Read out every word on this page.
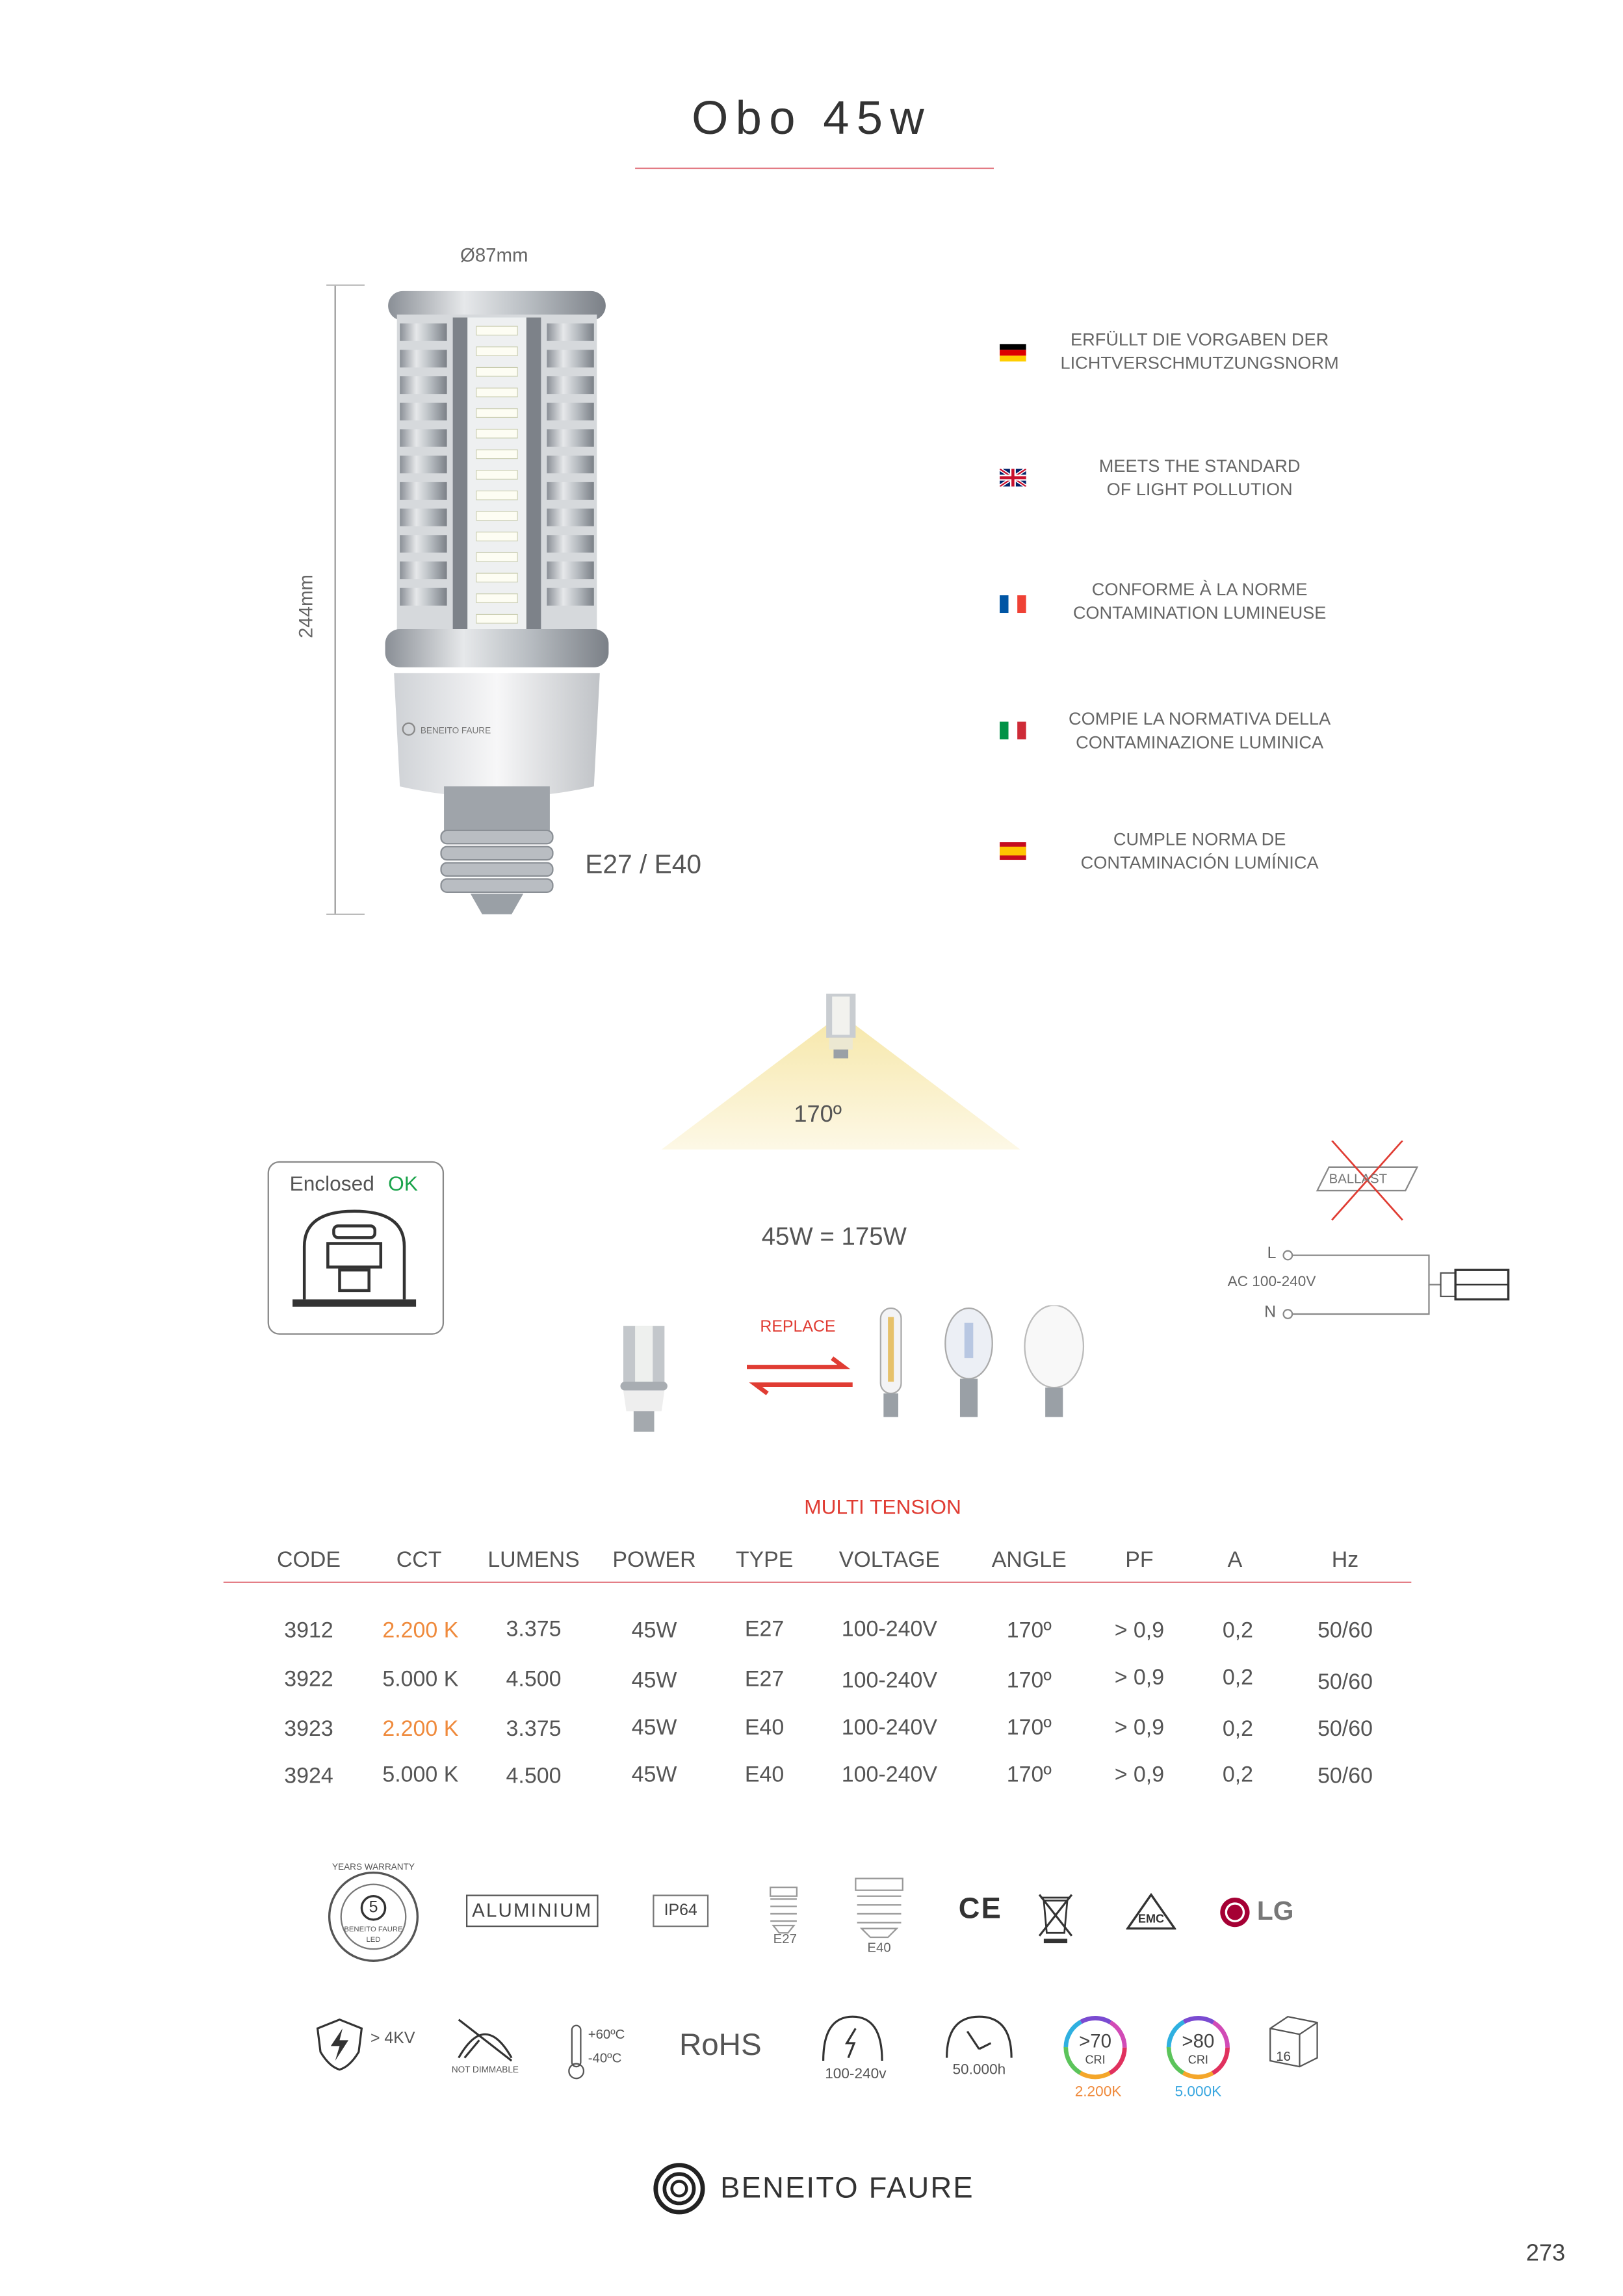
Obo 45w
Ø87mm
244mm
BENEITO FAURE
E27 / E40
ERFÜLLT DIE VORGABEN DER
LICHTVERSCHMUTZUNGSNORM
MEETS THE STANDARD
OF LIGHT POLLUTION
CONFORME À LA NORME
CONTAMINATION LUMINEUSE
COMPIE LA NORMATIVA DELLA
CONTAMINAZIONE LUMINICA
CUMPLE NORMA DE
CONTAMINACIÓN LUMÍNICA
170º
Enclosed OK
45W = 175W
REPLACE
BALLAST
L
AC 100-240V
N
MULTI TENSION
CODE	CCT	LUMENS	POWER	TYPE	VOLTAGE	ANGLE	PF	A	Hz
3912	2.200 K	3.375	45W	E27	100-240V	170º	> 0,9	0,2	50/60
3922	5.000 K	4.500	45W	E27	100-240V	170º	> 0,9	0,2	50/60
3923	2.200 K	3.375	45W	E40	100-240V	170º	> 0,9	0,2	50/60
3924	5.000 K	4.500	45W	E40	100-240V	170º	> 0,9	0,2	50/60
YEARS WARRANTY
5
BENEITO FAURE
LED
ALUMINIUM	IP64
E27
E40
CE	EMC	LG
> 4KV
NOT DIMMABLE
+60ºC
-40ºC	RoHS
100-240v	50.000h
>70
CRI
2.200K
>80
CRI
5.000K
16
BENEITO FAURE
273
